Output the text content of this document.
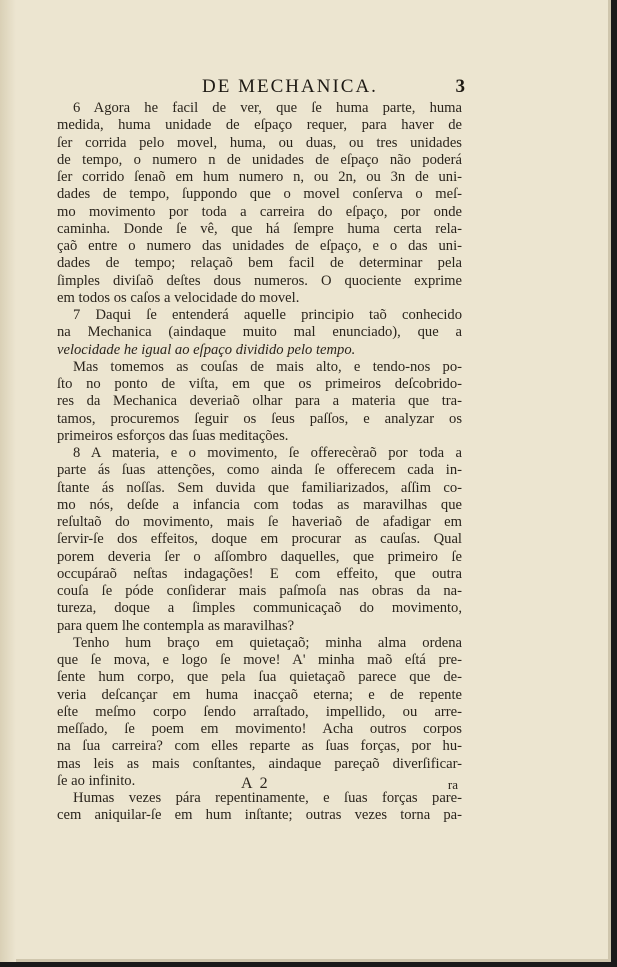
DE MECHANICA.	3
6 Agora he facil de ver, que ſe huma parte, huma
medida, huma unidade de eſpaço requer, para haver de
ſer corrida pelo movel, huma, ou duas, ou tres unidades
de tempo, o numero n de unidades de eſpaço não poderá
ſer corrido ſenaõ em hum numero n, ou 2n, ou 3n de uni-
dades de tempo, ſuppondo que o movel conſerva o meſ-
mo movimento por toda a carreira do eſpaço, por onde
caminha. Donde ſe vê, que há ſempre huma certa rela-
çaõ entre o numero das unidades de eſpaço, e o das uni-
dades de tempo; relaçaõ bem facil de determinar pela
ſimples diviſaõ deſtes dous numeros. O quociente exprime
em todos os caſos a velocidade do movel.
7 Daqui ſe entenderá aquelle principio taõ conhecido
na Mechanica (aindaque muito mal enunciado), que a
velocidade he igual ao eſpaço dividido pelo tempo.
Mas tomemos as couſas de mais alto, e tendo-nos po-
ſto no ponto de viſta, em que os primeiros deſcobrido-
res da Mechanica deveriaõ olhar para a materia que tra-
tamos, procuremos ſeguir os ſeus paſſos, e analyzar os
primeiros esforços das ſuas meditações.
8 A materia, e o movimento, ſe offerecèraõ por toda a
parte ás ſuas attenções, como ainda ſe offerecem cada in-
ſtante ás noſſas. Sem duvida que familiarizados, aſſim co-
mo nós, deſde a infancia com todas as maravilhas que
reſultaõ do movimento, mais ſe haveriaõ de afadigar em
ſervir-ſe dos effeitos, doque em procurar as cauſas. Qual
porem deveria ſer o aſſombro daquelles, que primeiro ſe
occupáraõ neſtas indagações! E com effeito, que outra
couſa ſe póde conſiderar mais paſmoſa nas obras da na-
tureza, doque a ſimples communicaçaõ do movimento,
para quem lhe contempla as maravilhas?
Tenho hum braço em quietaçaõ; minha alma ordena
que ſe mova, e logo ſe move! A' minha maõ eſtá pre-
ſente hum corpo, que pela ſua quietaçaõ parece que de-
veria deſcançar em huma inacçaõ eterna; e de repente
eſte meſmo corpo ſendo arraſtado, impellido, ou arre-
meſſado, ſe poem em movimento! Acha outros corpos
na ſua carreira? com elles reparte as ſuas forças, por hu-
mas leis as mais conſtantes, aindaque pareçaõ diverſificar-
ſe ao infinito.
Humas vezes pára repentinamente, e ſuas forças pare-
cem aniquilar-ſe em hum inſtante; outras vezes torna pa-
A 2	ra
